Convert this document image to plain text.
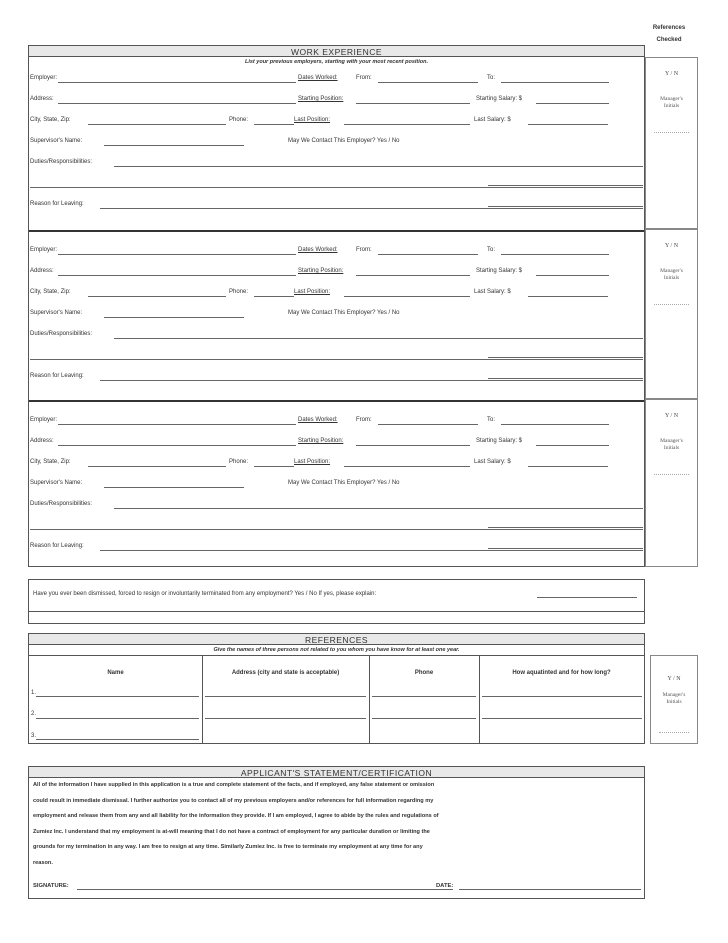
References
Checked
WORK EXPERIENCE
List your previous employers, starting with your most recent position.
Employer:	Dates Worked:	From:	To:
Address:	Starting Position:	Starting Salary: $
City, State, Zip:	Phone:	Last Position:	Last Salary: $
Supervisor's Name:	May We Contact This Employer? Yes / No
Duties/Responsibilities:
Reason for Leaving:
Employer:	Dates Worked:	From:	To:
Address:	Starting Position:	Starting Salary: $
City, State, Zip:	Phone:	Last Position:	Last Salary: $
Supervisor's Name:	May We Contact This Employer? Yes / No
Duties/Responsibilities:
Reason for Leaving:
Employer:	Dates Worked:	From:	To:
Address:	Starting Position:	Starting Salary: $
City, State, Zip:	Phone:	Last Position:	Last Salary: $
Supervisor's Name:	May We Contact This Employer? Yes / No
Duties/Responsibilities:
Reason for Leaving:
Y / N
Manager's
Initials
Y / N
Manager's
Initials
Y / N
Manager's
Initials
Have you ever been dismissed, forced to resign or involuntarily terminated from any employment? Yes / No If yes, please explain:
REFERENCES
Give the names of three persons not related to you whom you have know for at least one year.
Name	Address (city and state is acceptable)	Phone	How aquatinted and for how long?
1.
2.
3.
Y / N
Manager's
Initials
APPLICANT'S STATEMENT/CERTIFICATION
All of the information I have supplied in this application is a true and complete statement of the facts, and if employed, any false statement or omission
could result in immediate dismissal. I further authorize you to contact all of my previous employers and/or references for full information regarding my
employment and release them from any and all liability for the information they provide. If I am employed, I agree to abide by the rules and regulations of
Zumiez Inc. I understand that my employment is at-will meaning that I do not have a contract of employment for any particular duration or limiting the
grounds for my termination in any way. I am free to resign at any time. Similarly Zumiez Inc. is free to terminate my employment at any time for any
reason.
SIGNATURE:	DATE:
